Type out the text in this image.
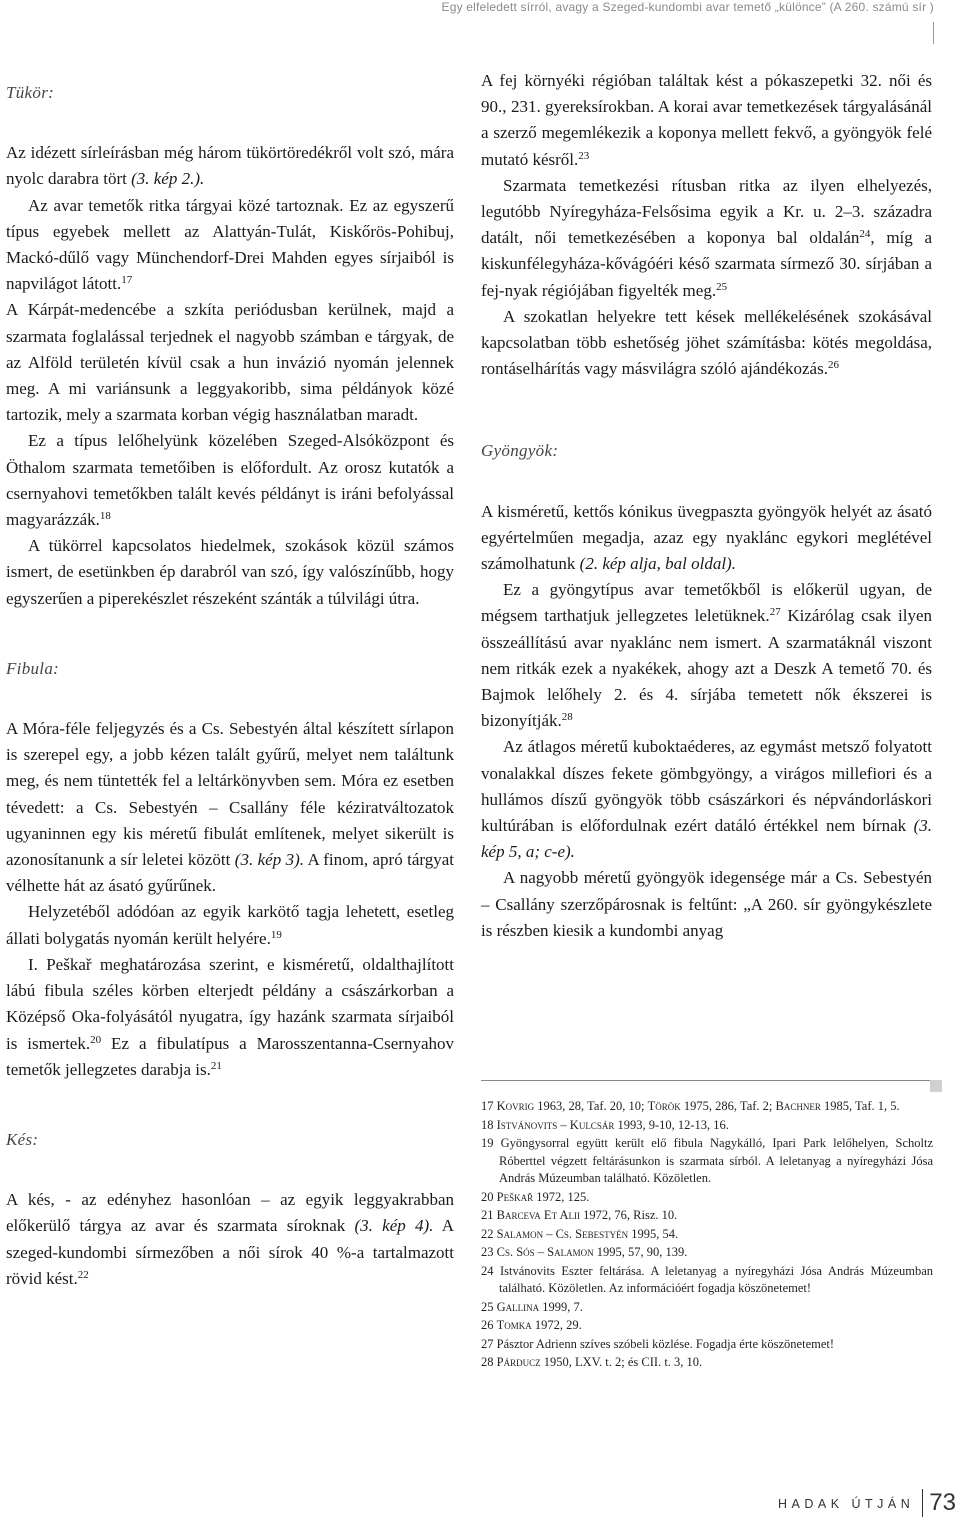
Egy elfeledett sírról, avagy a Szeged-kundombi avar temető „különce” (A 260. számú sír )

Tükör:

Az idézett sírleírásban még három tükörtöredékről volt szó, mára nyolc darabra tört (3. kép 2.).

Az avar temetők ritka tárgyai közé tartoznak. Ez az egyszerű típus egyebek mellett az Alattyán-Tulát, Kiskőrös-Pohibuj, Mackó-dűlő vagy Münchendorf-Drei Mahden egyes sírjaiból is napvilágot látott.$^{17}$

A Kárpát-medencébe a szkíta periódusban kerülnek, majd a szarmata foglalással terjednek el nagyobb számban e tárgyak, de az Alföld területén kívül csak a hun invázió nyomán jelennek meg. A mi variánsunk a leggyakoribb, sima példányok közé tartozik, mely a szarmata korban végig használatban maradt.

Ez a típus lelőhelyünk közelében Szeged-Alsóközpont és Öthalom szarmata temetőiben is előfordult. Az orosz kutatók a csernyahovi temetőkben talált kevés példányt is iráni befolyással magyarázzák.$^{18}$

A tükörrel kapcsolatos hiedelmek, szokások közül számos ismert, de esetünkben ép darabról van szó, így valószínűbb, hogy egyszerűen a piperekészlet részeként szánták a túlvilági útra.

Fibula:

A Móra-féle feljegyzés és a Cs. Sebestyén által készített sírlapon is szerepel egy, a jobb kézen talált gyűrű, melyet nem találtunk meg, és nem tüntették fel a leltárkönyvben sem. Móra ez esetben tévedett: a Cs. Sebestyén – Csallány féle kéziratváltozatok ugyaninnen egy kis méretű fibulát említenek, melyet sikerült is azonosítanunk a sír leletei között (3. kép 3). A finom, apró tárgyat vélhette hát az ásató gyűrűnek.

Helyzetéből adódóan az egyik karkötő tagja lehetett, esetleg állati bolygatás nyomán került helyére.$^{19}$

I. Peškař meghatározása szerint, e kisméretű, oldalthajlított lábú fibula széles körben elterjedt példány a császárkorban a Középső Oka-folyásától nyugatra, így hazánk szarmata sírjaiból is ismertek.$^{20}$ Ez a fibulatípus a Marosszentanna-Csernyahov temetők jellegzetes darabja is.$^{21}$

Kés:

A kés, - az edényhez hasonlóan – az egyik leggyakrabban előkerülő tárgya az avar és szarmata síroknak (3. kép 4). A szeged-kundombi sírmezőben a női sírok 40 %-a tartalmazott rövid kést.$^{22}$

A fej környéki régióban találtak kést a pókaszepetki 32. női és 90., 231. gyereksírokban. A korai avar temetkezések tárgyalásánál a szerző megemlékezik a koponya mellett fekvő, a gyöngyök felé mutató késről.$^{23}$

Szarmata temetkezési rítusban ritka az ilyen elhelyezés, legutóbb Nyíregyháza-Felsősima egyik a Kr. u. 2–3. századra datált, női temetkezésében a koponya bal oldalán$^{24}$, míg a kiskunfélegyháza-kővágóéri késő szarmata sírmező 30. sírjában a fej-nyak régiójában figyelték meg.$^{25}$

A szokatlan helyekre tett kések mellékelésének szokásával kapcsolatban több eshetőség jöhet számításba: kötés megoldása, rontáselhárítás vagy másvilágra szóló ajándékozás.$^{26}$

Gyöngyök:

A kisméretű, kettős kónikus üvegpaszta gyöngyök helyét az ásató egyértelműen megadja, azaz egy nyaklánc egykori meglétével számolhatunk (2. kép alja, bal oldal).

Ez a gyöngytípus avar temetőkből is előkerül ugyan, de mégsem tarthatjuk jellegzetes leletüknek.$^{27}$ Kizárólag csak ilyen összeállítású avar nyaklánc nem ismert. A szarmatáknál viszont nem ritkák ezek a nyakékek, ahogy azt a Deszk A temető 70. és Bajmok lelőhely 2. és 4. sírjába temetett nők ékszerei is bizonyítják.$^{28}$

Az átlagos méretű kuboktaéderes, az egymást metsző folyatott vonalakkal díszes fekete gömbgyöngy, a virágos millefiori és a hullámos díszű gyöngyök több császárkori és népvándorláskori kultúrában is előfordulnak ezért datáló értékkel nem bírnak (3. kép 5, a; c-e).

A nagyobb méretű gyöngyök idegensége már a Cs. Sebestyén – Csallány szerzőpárosnak is feltűnt: „A 260. sír gyöngykészlete is részben kiesik a kundombi anyag

17 Kovrig 1963, 28, Taf. 20, 10; Török 1975, 286, Taf. 2; Bachner 1985, Taf. 1, 5.

18 Istvánovits – Kulcsár 1993, 9-10, 12-13, 16.

19 Gyöngysorral együtt került elő fibula Nagykálló, Ipari Park lelőhelyen, Scholtz Róberttel végzett feltárásunkon is szarmata sírból. A leletanyag a nyíregyházi Jósa András Múzeumban található. Közöletlen.

20 Peškař 1972, 125.

21 Barceva Et Alii 1972, 76, Risz. 10.

22 Salamon – Cs. Sebestyén 1995, 54.

23 Cs. Sós – Salamon 1995, 57, 90, 139.

24 Istvánovits Eszter feltárása. A leletanyag a nyíregyházi Jósa András Múzeumban található. Közöletlen. Az információért fogadja köszönetemet!

25 Gallina 1999, 7.

26 Tomka 1972, 29.

27 Pásztor Adrienn szíves szóbeli közlése. Fogadja érte köszönetemet!

28 Párducz 1950, LXV. t. 2; és CII. t. 3, 10.

HADAK ÚTJÁN 73
